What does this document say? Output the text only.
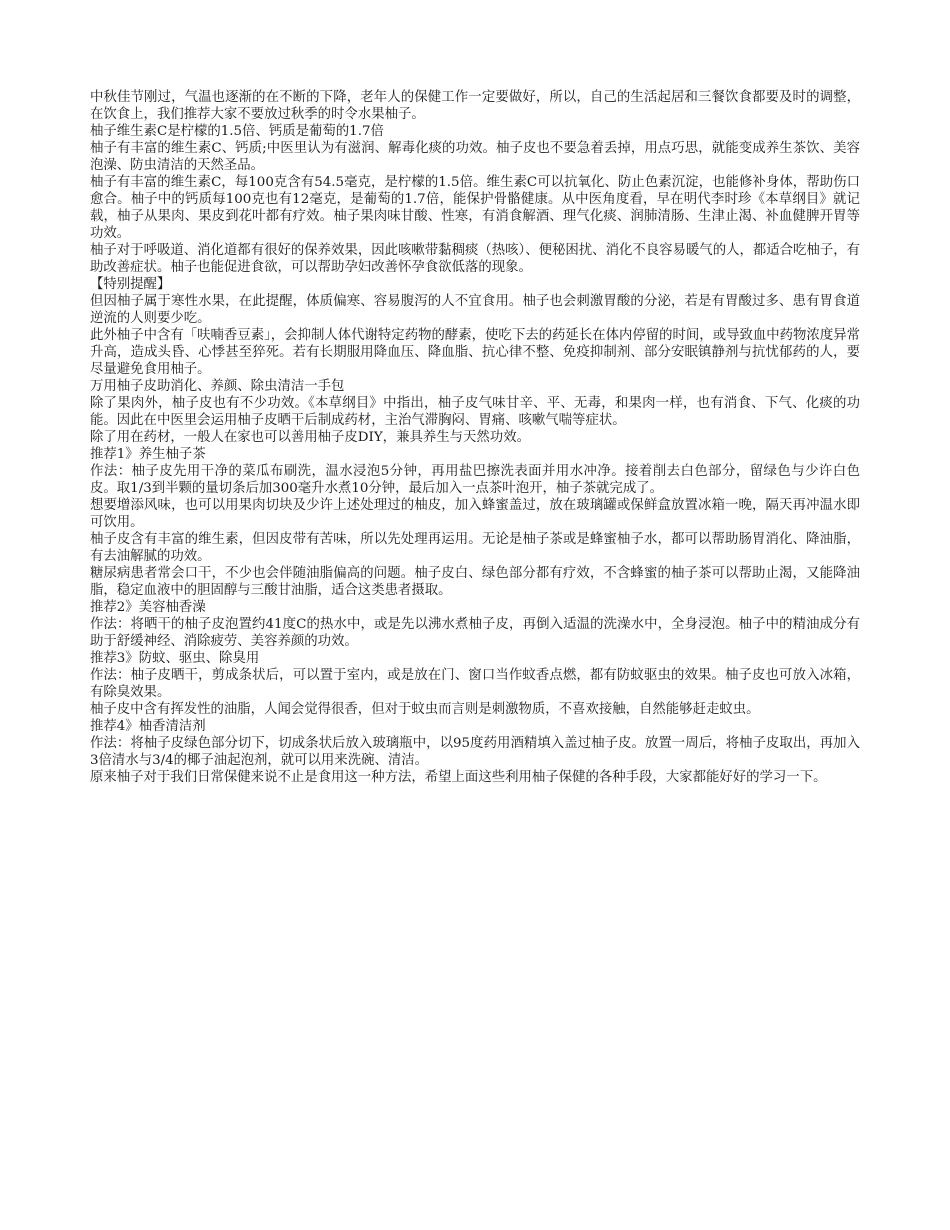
中秋佳节刚过，气温也逐渐的在不断的下降，老年人的保健工作一定要做好，所以，自己的生活起居和三餐饮食都要及时的调整，在饮食上，我们推荐大家不要放过秋季的时令水果柚子。

柚子维生素C是柠檬的1.5倍、钙质是葡萄的1.7倍

柚子有丰富的维生素C、钙质;中医里认为有滋润、解毒化痰的功效。柚子皮也不要急着丢掉，用点巧思，就能变成养生茶饮、美容泡澡、防虫清洁的天然圣品。

柚子有丰富的维生素C，每100克含有54.5毫克，是柠檬的1.5倍。维生素C可以抗氧化、防止色素沉淀，也能修补身体，帮助伤口愈合。柚子中的钙质每100克也有12毫克，是葡萄的1.7倍，能保护骨骼健康。从中医角度看，早在明代李时珍《本草纲目》就记载，柚子从果肉、果皮到花叶都有疗效。柚子果肉味甘酸、性寒，有消食解酒、理气化痰、润肺清肠、生津止渴、补血健脾开胃等功效。

柚子对于呼吸道、消化道都有很好的保养效果，因此咳嗽带黏稠痰（热咳）、便秘困扰、消化不良容易暖气的人，都适合吃柚子，有助改善症状。柚子也能促进食欲，可以帮助孕妇改善怀孕食欲低落的现象。

【特别提醒】

但因柚子属于寒性水果，在此提醒，体质偏寒、容易腹泻的人不宜食用。柚子也会刺激胃酸的分泌，若是有胃酸过多、患有胃食道逆流的人则要少吃。

此外柚子中含有「呋喃香豆素」，会抑制人体代谢特定药物的酵素，使吃下去的药延长在体内停留的时间，或导致血中药物浓度异常升高，造成头昏、心悸甚至猝死。若有长期服用降血压、降血脂、抗心律不整、免疫抑制剂、部分安眠镇静剂与抗忧郁药的人，要尽量避免食用柚子。

万用柚子皮助消化、养颜、除虫清洁一手包

除了果肉外，柚子皮也有不少功效。《本草纲目》中指出，柚子皮气味甘辛、平、无毒，和果肉一样，也有消食、下气、化痰的功能。因此在中医里会运用柚子皮晒干后制成药材，主治气滞胸闷、胃痛、咳嗽气喘等症状。

除了用在药材，一般人在家也可以善用柚子皮DIY，兼具养生与天然功效。

推荐1》养生柚子茶

作法：柚子皮先用干净的菜瓜布刷洗，温水浸泡5分钟，再用盐巴擦洗表面并用水冲净。接着削去白色部分，留绿色与少许白色皮。取1/3到半颗的量切条后加300毫升水煮10分钟，最后加入一点茶叶泡开，柚子茶就完成了。

想要增添风味，也可以用果肉切块及少许上述处理过的柚皮，加入蜂蜜盖过，放在玻璃罐或保鲜盒放置冰箱一晚，隔天再冲温水即可饮用。

柚子皮含有丰富的维生素，但因皮带有苦味，所以先处理再运用。无论是柚子茶或是蜂蜜柚子水，都可以帮助肠胃消化、降油脂，有去油解腻的功效。

糖尿病患者常会口干，不少也会伴随油脂偏高的问题。柚子皮白、绿色部分都有疗效，不含蜂蜜的柚子茶可以帮助止渴，又能降油脂，稳定血液中的胆固醇与三酸甘油脂，适合这类患者摄取。

推荐2》美容柚香澡

作法：将晒干的柚子皮泡置约41度C的热水中，或是先以沸水煮柚子皮，再倒入适温的洗澡水中，全身浸泡。柚子中的精油成分有助于舒缓神经、消除疲劳、美容养颜的功效。

推荐3》防蚊、驱虫、除臭用

作法：柚子皮晒干，剪成条状后，可以置于室内，或是放在门、窗口当作蚊香点燃，都有防蚊驱虫的效果。柚子皮也可放入冰箱，有除臭效果。

柚子皮中含有挥发性的油脂，人闻会觉得很香，但对于蚊虫而言则是刺激物质，不喜欢接触，自然能够赶走蚊虫。

推荐4》柚香清洁剂

作法：将柚子皮绿色部分切下，切成条状后放入玻璃瓶中，以95度药用酒精填入盖过柚子皮。放置一周后，将柚子皮取出，再加入3倍清水与3/4的椰子油起泡剂，就可以用来洗碗、清洁。

原来柚子对于我们日常保健来说不止是食用这一种方法，希望上面这些利用柚子保健的各种手段，大家都能好好的学习一下。
